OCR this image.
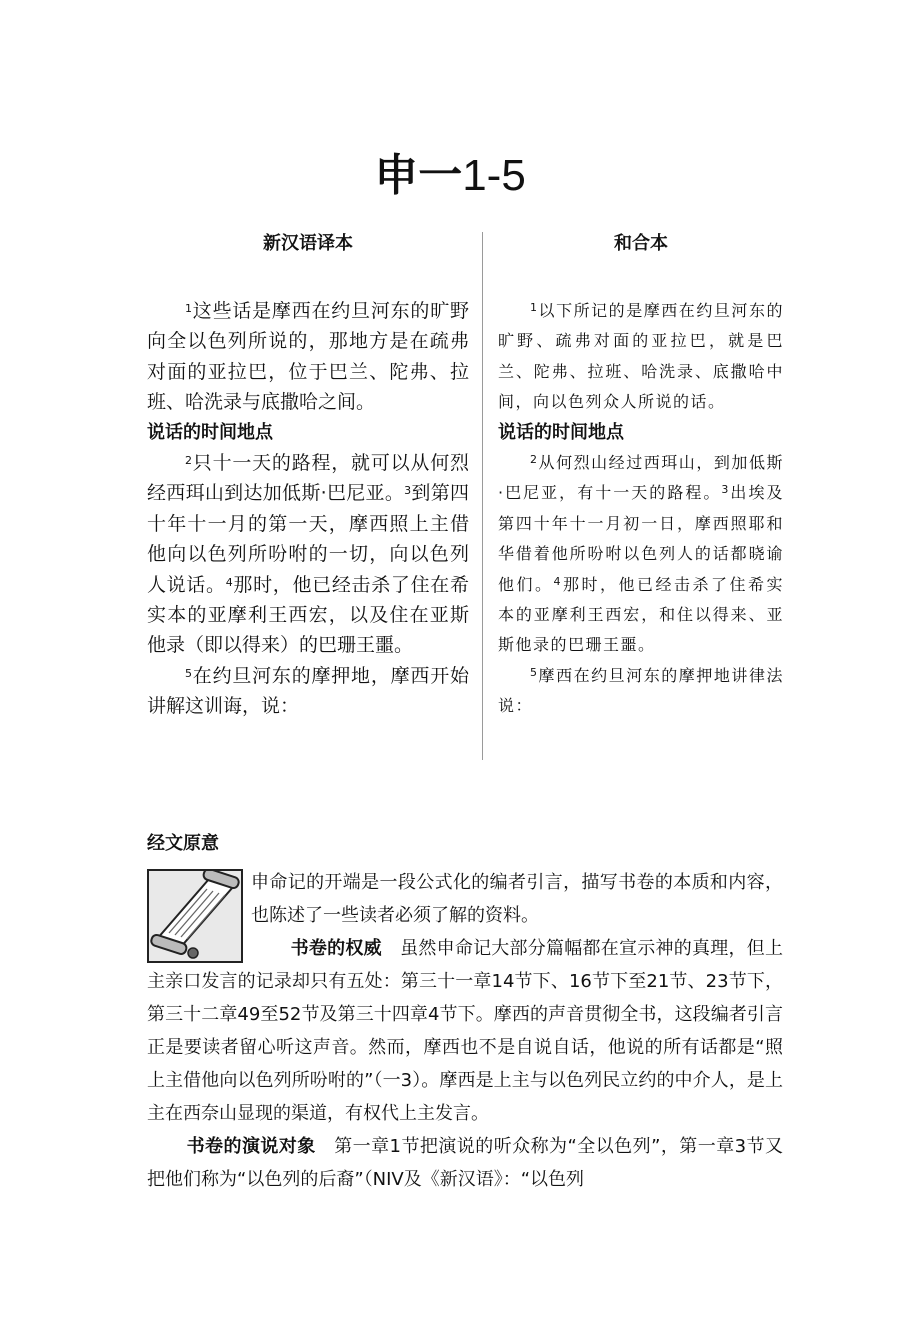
申一1-5
新汉语译本

$^1$这些话是摩西在约旦河东的旷野向全以色列所说的，那地方是在疏弗对面的亚拉巴，位于巴兰、陀弗、拉班、哈洗录与底撒哈之间。

说话的时间地点

$^2$只十一天的路程，就可以从何烈经西珥山到达加低斯·巴尼亚。$^3$到第四十年十一月的第一天，摩西照上主借他向以色列所吩咐的一切，向以色列人说话。$^4$那时，他已经击杀了住在希实本的亚摩利王西宏，以及住在亚斯他录（即以得来）的巴珊王噩。

$^5$在约旦河东的摩押地，摩西开始讲解这训诲，说：

和合本

$^1$以下所记的是摩西在约旦河东的旷野、疏弗对面的亚拉巴，就是巴兰、陀弗、拉班、哈洗录、底撒哈中间，向以色列众人所说的话。

说话的时间地点

$^2$从何烈山经过西珥山，到加低斯·巴尼亚，有十一天的路程。$^3$出埃及第四十年十一月初一日，摩西照耶和华借着他所吩咐以色列人的话都晓谕他们。$^4$那时，他已经击杀了住希实本的亚摩利王西宏，和住以得来、亚斯他录的巴珊王噩。

$^5$摩西在约旦河东的摩押地讲律法说：

经文原意

申命记的开端是一段公式化的编者引言，描写书卷的本质和内容，也陈述了一些读者必须了解的资料。

书卷的权威　 虽然申命记大部分篇幅都在宣示神的真理，但上主亲口发言的记录却只有五处：第三十一章14节下、16节下至21节、23节下，第三十二章49至52节及第三十四章4节下。摩西的声音贯彻全书，这段编者引言正是要读者留心听这声音。然而，摩西也不是自说自话，他说的所有话都是“照上主借他向以色列所吩咐的”（一3）。摩西是上主与以色列民立约的中介人，是上主在西奈山显现的渠道，有权代上主发言。

书卷的演说对象　 第一章1节把演说的听众称为“全以色列”，第一章3节又把他们称为“以色列的后裔”（NIV及《新汉语》：“以色列
